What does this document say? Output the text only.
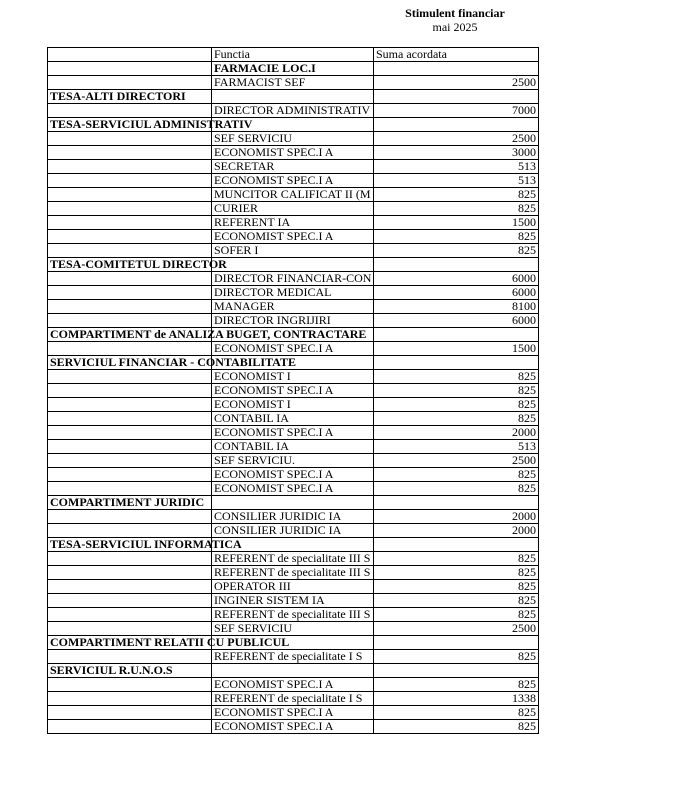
Stimulent financiar
mai 2025
	Functia	Suma acordata
	FARMACIE LOC.I	
	FARMACIST SEF	2500
TESA-ALTI DIRECTORI		
	DIRECTOR ADMINISTRATIV	7000
TESA-SERVICIUL ADMINISTRATIV		
	SEF SERVICIU	2500
	ECONOMIST SPEC.I A	3000
	SECRETAR	513
	ECONOMIST SPEC.I A	513
	MUNCITOR CALIFICAT II (M	825
	CURIER	825
	REFERENT IA	1500
	ECONOMIST SPEC.I A	825
	SOFER I	825
TESA-COMITETUL DIRECTOR		
	DIRECTOR FINANCIAR-CON	6000
	DIRECTOR MEDICAL	6000
	MANAGER	8100
	DIRECTOR INGRIJIRI	6000
COMPARTIMENT de ANALIZA BUGET, CONTRACTARE		
	ECONOMIST SPEC.I A	1500
SERVICIUL FINANCIAR - CONTABILITATE		
	ECONOMIST I	825
	ECONOMIST SPEC.I A	825
	ECONOMIST I	825
	CONTABIL IA	825
	ECONOMIST SPEC.I A	2000
	CONTABIL IA	513
	SEF SERVICIU.	2500
	ECONOMIST SPEC.I A	825
	ECONOMIST SPEC.I A	825
COMPARTIMENT JURIDIC		
	CONSILIER JURIDIC IA	2000
	CONSILIER JURIDIC IA	2000
TESA-SERVICIUL INFORMATICA		
	REFERENT de specialitate III S	825
	REFERENT de specialitate III S	825
	OPERATOR III	825
	INGINER SISTEM IA	825
	REFERENT de specialitate III S	825
	SEF SERVICIU	2500
COMPARTIMENT RELATII CU PUBLICUL		
	REFERENT de specialitate I S	825
SERVICIUL R.U.N.O.S		
	ECONOMIST SPEC.I A	825
	REFERENT de specialitate I S	1338
	ECONOMIST SPEC.I A	825
	ECONOMIST SPEC.I A	825
